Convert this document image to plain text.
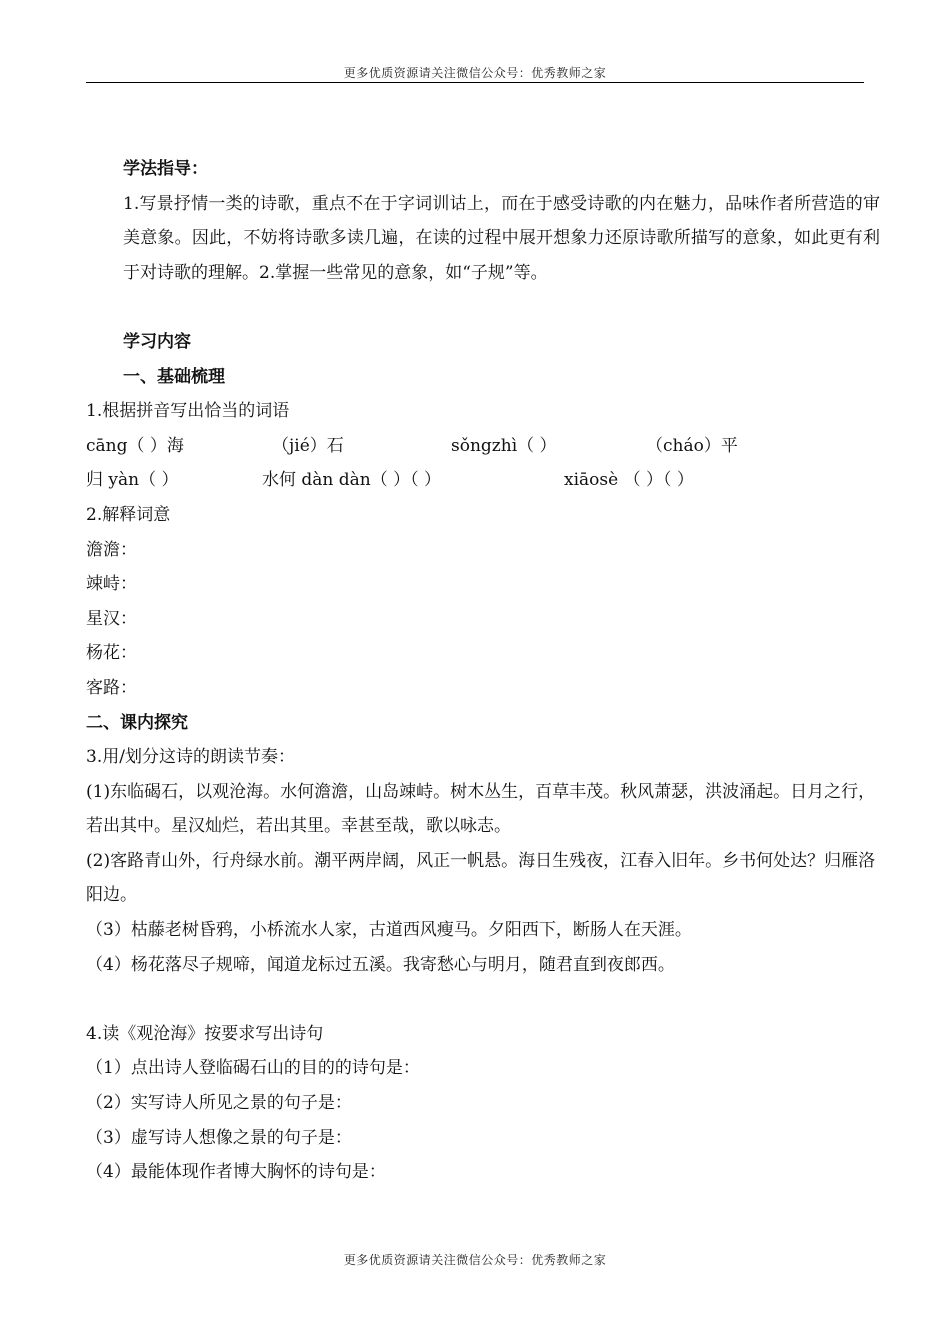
更多优质资源请关注微信公众号：优秀教师之家
学法指导：
1.写景抒情一类的诗歌，重点不在于字词训诂上，而在于感受诗歌的内在魅力，品味作者所营造的审美意象。因此，不妨将诗歌多读几遍，在读的过程中展开想象力还原诗歌所描写的意象，如此更有利于对诗歌的理解。2.掌握一些常见的意象，如“子规”等。
学习内容
一、基础梳理
1.根据拼音写出恰当的词语
cāng（ ）海	（jié）石	sǒngzhì（ ）	（cháo）平
归 yàn（ ）	水何 dàn dàn（ ）（ ）	xiāosè （ ）（ ）
2.解释词意
澹澹：
竦峙：
星汉：
杨花：
客路：
二、课内探究
3.用/划分这诗的朗读节奏：
(1)东临碣石，以观沧海。水何澹澹，山岛竦峙。树木丛生，百草丰茂。秋风萧瑟，洪波涌起。日月之行，若出其中。星汉灿烂，若出其里。幸甚至哉，歌以咏志。
(2)客路青山外，行舟绿水前。潮平两岸阔，风正一帆悬。海日生残夜，江春入旧年。乡书何处达？归雁洛阳边。
（3）枯藤老树昏鸦，小桥流水人家，古道西风瘦马。夕阳西下，断肠人在天涯。
（4）杨花落尽子规啼，闻道龙标过五溪。我寄愁心与明月，随君直到夜郎西。
4.读《观沧海》按要求写出诗句
（1）点出诗人登临碣石山的目的的诗句是：
（2）实写诗人所见之景的句子是：
（3）虚写诗人想像之景的句子是：
（4）最能体现作者博大胸怀的诗句是：
更多优质资源请关注微信公众号：优秀教师之家
